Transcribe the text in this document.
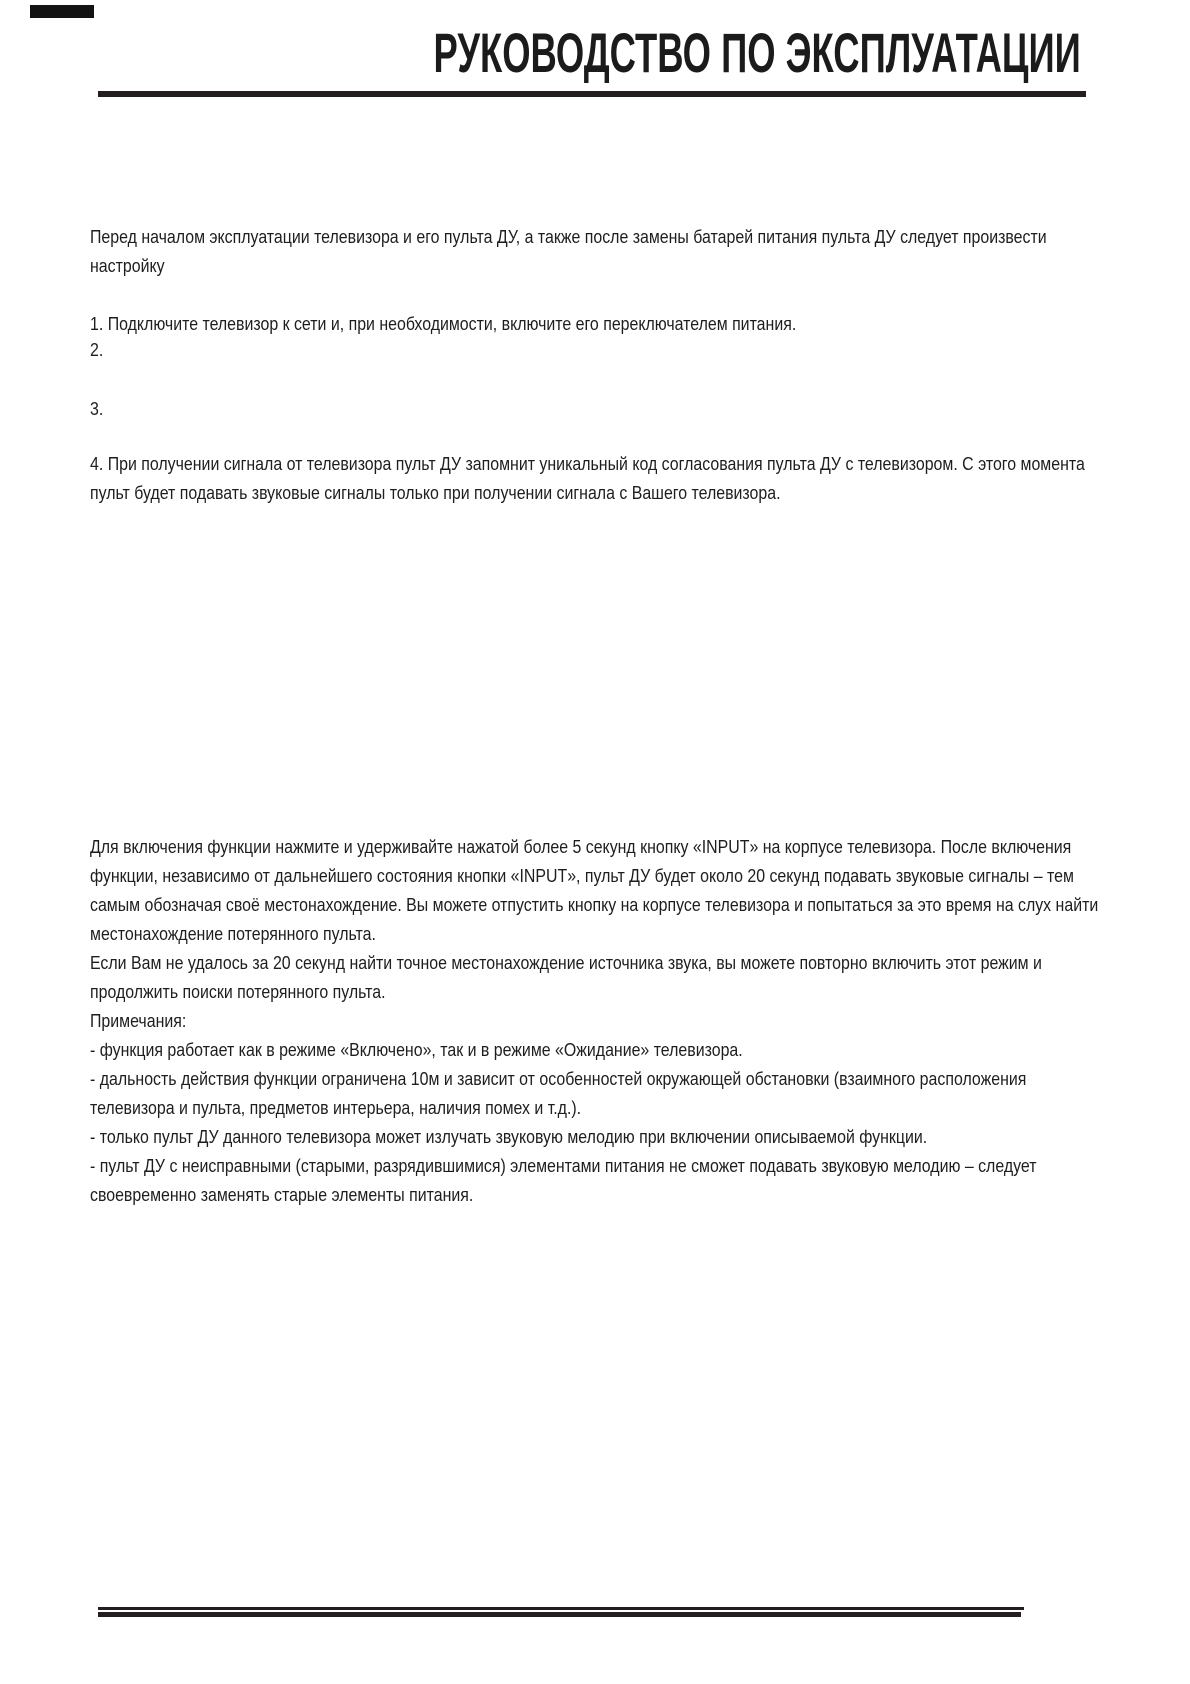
РУКОВОДСТВО ПО ЭКСПЛУАТАЦИИ

Перед началом эксплуатации телевизора и его пульта ДУ, а также после замены батарей питания пульта ДУ следует произвести настройку

1. Подключите телевизор к сети и, при необходимости, включите его переключателем питания.

2.

3.

4. При получении сигнала от телевизора пульт ДУ запомнит уникальный код согласования пульта ДУ с телевизором. С этого момента пульт будет подавать звуковые сигналы только при получении сигнала с Вашего телевизора.

Для включения функции нажмите и удерживайте нажатой более 5 секунд кнопку «INPUT» на корпусе телевизора. После включения функции, независимо от дальнейшего состояния кнопки «INPUT», пульт ДУ будет около 20 секунд подавать звуковые сигналы – тем самым обозначая своё местонахождение. Вы можете отпустить кнопку на корпусе телевизора и попытаться за это время на слух найти местонахождение потерянного пульта.

Если Вам не удалось за 20 секунд найти точное местонахождение источника звука, вы можете повторно включить этот режим и продолжить поиски потерянного пульта.

Примечания:

- функция работает как в режиме «Включено», так и в режиме «Ожидание» телевизора.

- дальность действия функции ограничена 10м и зависит от особенностей окружающей обстановки (взаимного расположения телевизора и пульта, предметов интерьера, наличия помех и т.д.).

- только пульт ДУ данного телевизора может излучать звуковую мелодию при включении описываемой функции.

- пульт ДУ с неисправными (старыми, разрядившимися) элементами питания не сможет подавать звуковую мелодию – следует своевременно заменять старые элементы питания.
